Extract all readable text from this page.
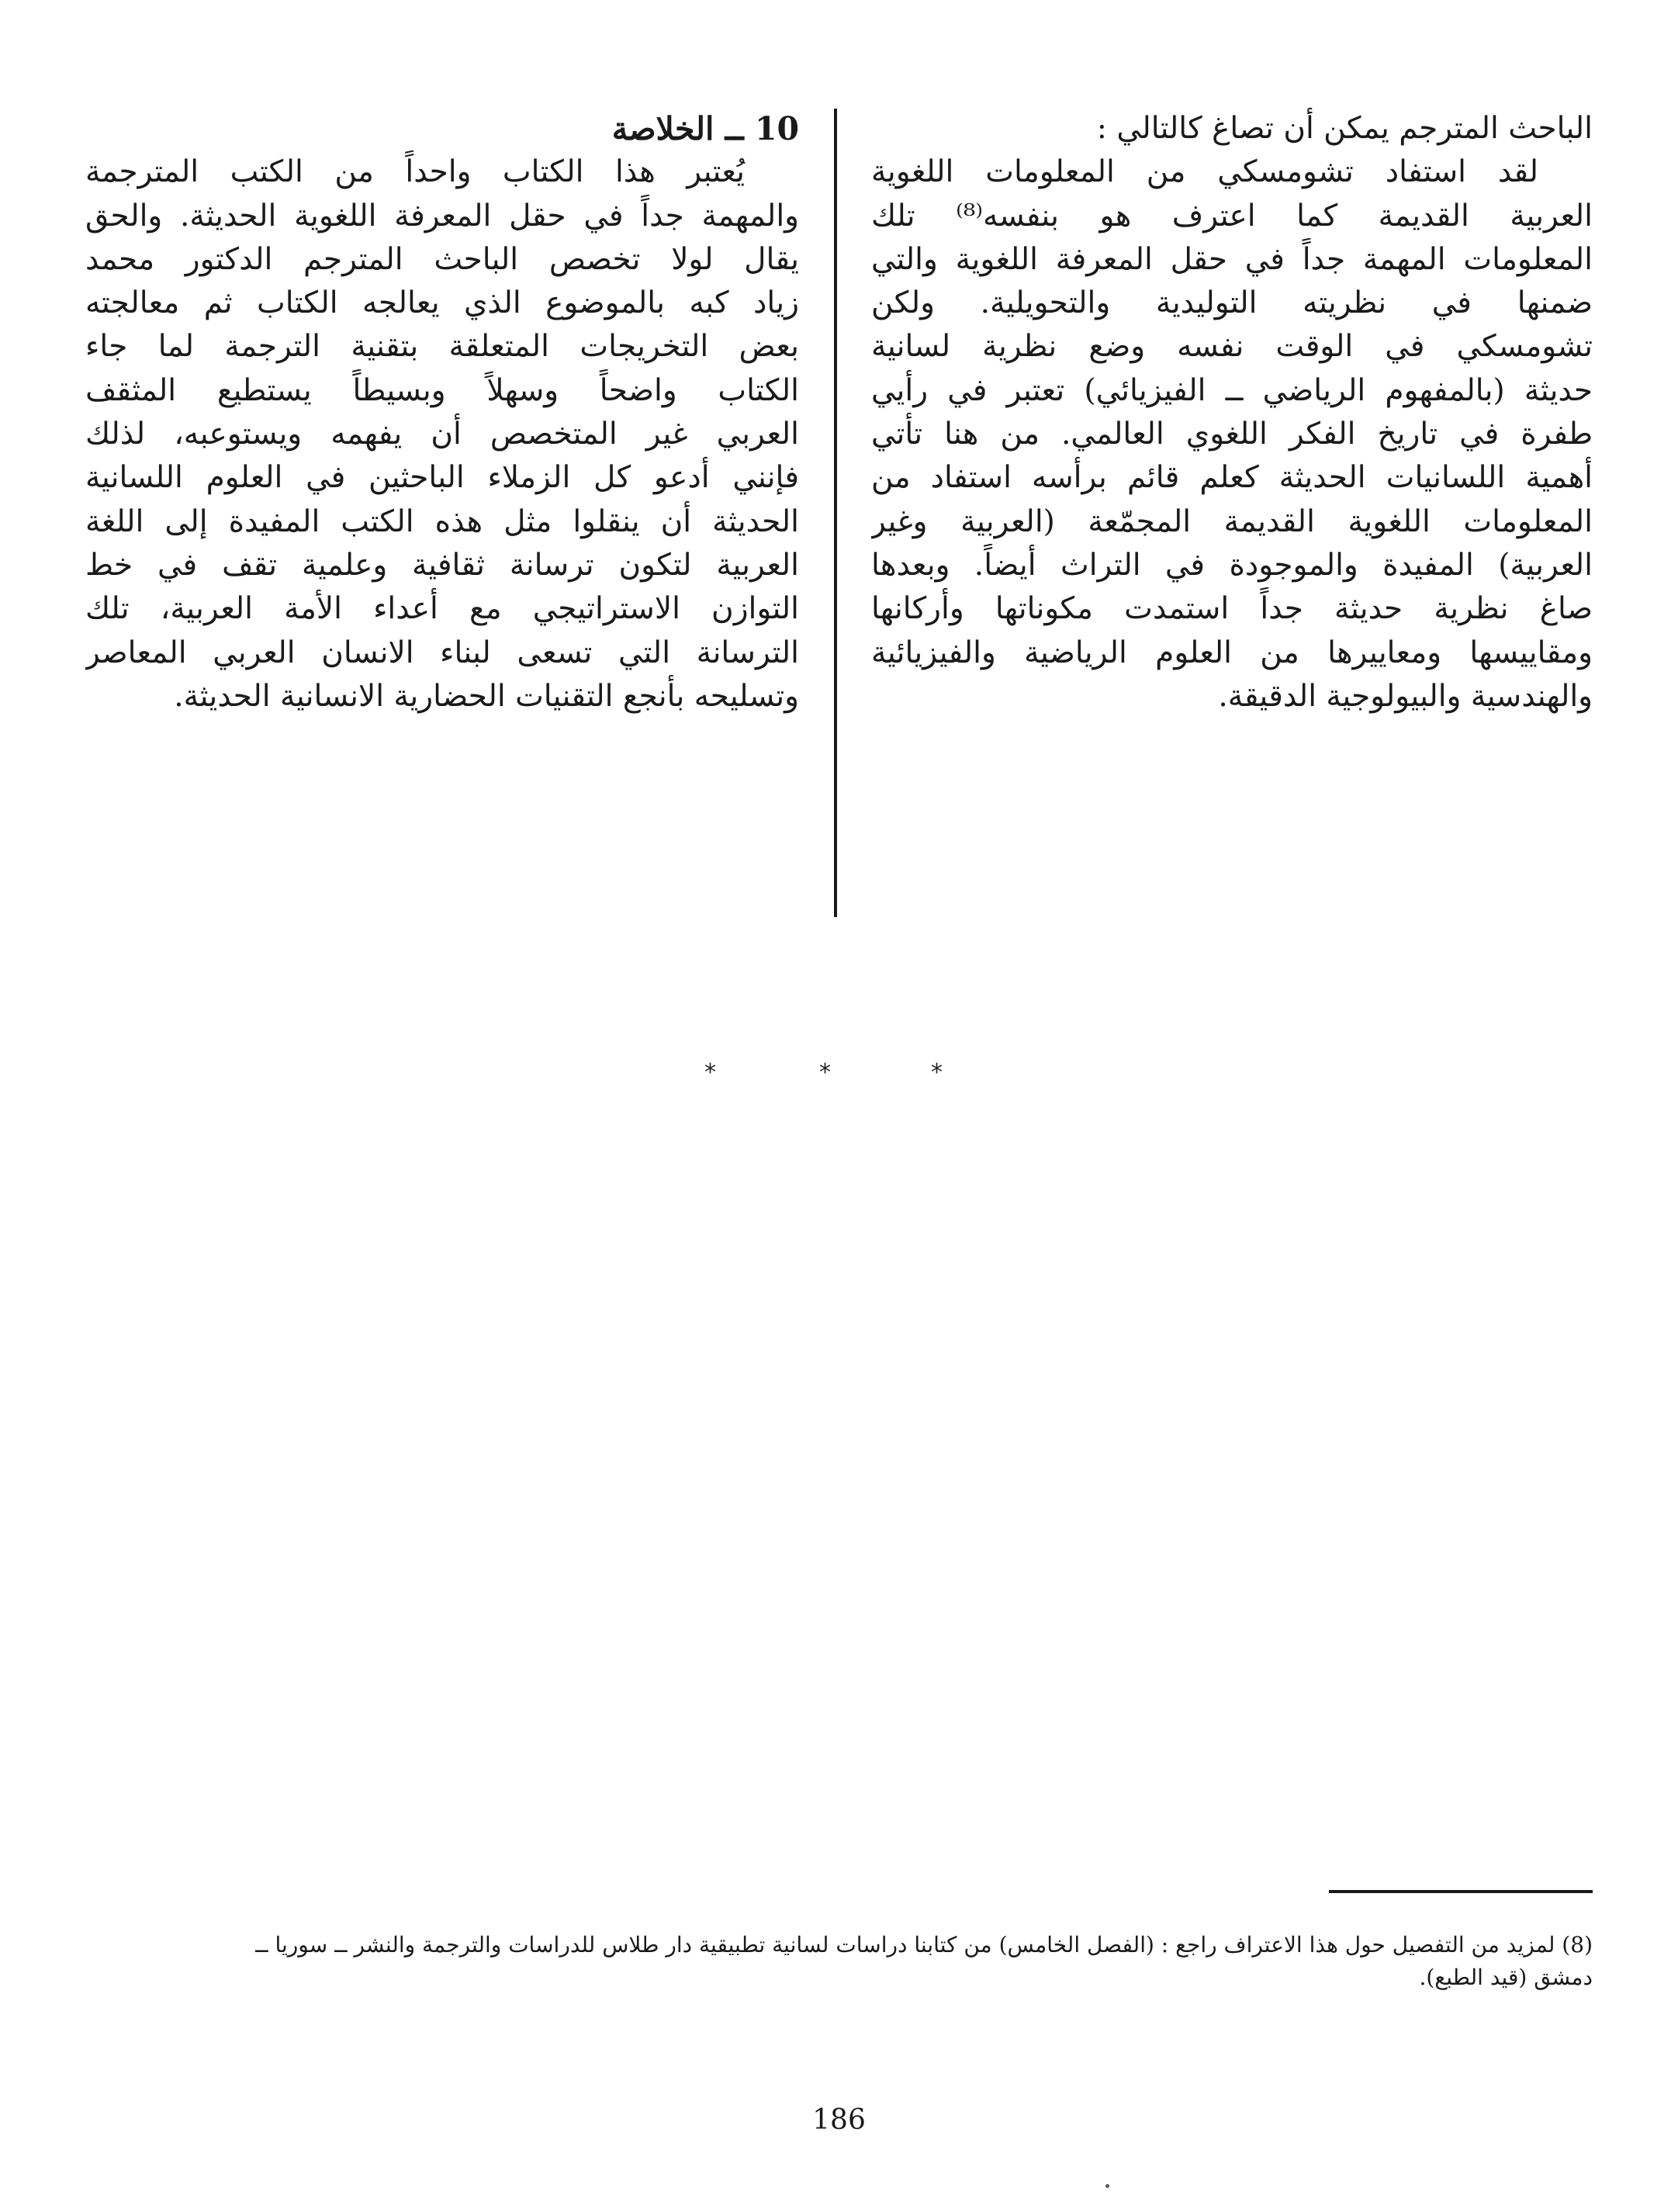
الباحث المترجم يمكن أن تصاغ كالتالي :
لقد استفاد تشومسكي من المعلومات اللغوية
العربية القديمة كما اعترف هو بنفسه⁽⁸⁾ تلك
المعلومات المهمة جداً في حقل المعرفة اللغوية والتي
ضمنها في نظريته التوليدية والتحويلية. ولكن
تشومسكي في الوقت نفسه وضع نظرية لسانية
حديثة (بالمفهوم الرياضي ــ الفيزيائي) تعتبر في رأيي
طفرة في تاريخ الفكر اللغوي العالمي. من هنا تأتي
أهمية اللسانيات الحديثة كعلم قائم برأسه استفاد من
المعلومات اللغوية القديمة المجمّعة (العربية وغير
العربية) المفيدة والموجودة في التراث أيضاً. وبعدها
صاغ نظرية حديثة جداً استمدت مكوناتها وأركانها
ومقاييسها ومعاييرها من العلوم الرياضية والفيزيائية
والهندسية والبيولوجية الدقيقة.
10 ــ الخلاصة
يُعتبر هذا الكتاب واحداً من الكتب المترجمة
والمهمة جداً في حقل المعرفة اللغوية الحديثة. والحق
يقال لولا تخصص الباحث المترجم الدكتور محمد
زياد كبه بالموضوع الذي يعالجه الكتاب ثم معالجته
بعض التخريجات المتعلقة بتقنية الترجمة لما جاء
الكتاب واضحاً وسهلاً وبسيطاً يستطيع المثقف
العربي غير المتخصص أن يفهمه ويستوعبه، لذلك
فإنني أدعو كل الزملاء الباحثين في العلوم اللسانية
الحديثة أن ينقلوا مثل هذه الكتب المفيدة إلى اللغة
العربية لتكون ترسانة ثقافية وعلمية تقف في خط
التوازن الاستراتيجي مع أعداء الأمة العربية، تلك
الترسانة التي تسعى لبناء الانسان العربي المعاصر
وتسليحه بأنجع التقنيات الحضارية الانسانية الحديثة.
*	*	*
(8) لمزيد من التفصيل حول هذا الاعتراف راجع : (الفصل الخامس) من كتابنا دراسات لسانية تطبيقية دار طلاس للدراسات والترجمة والنشر ــ سوريا ــ
دمشق (قيد الطبع).
186
